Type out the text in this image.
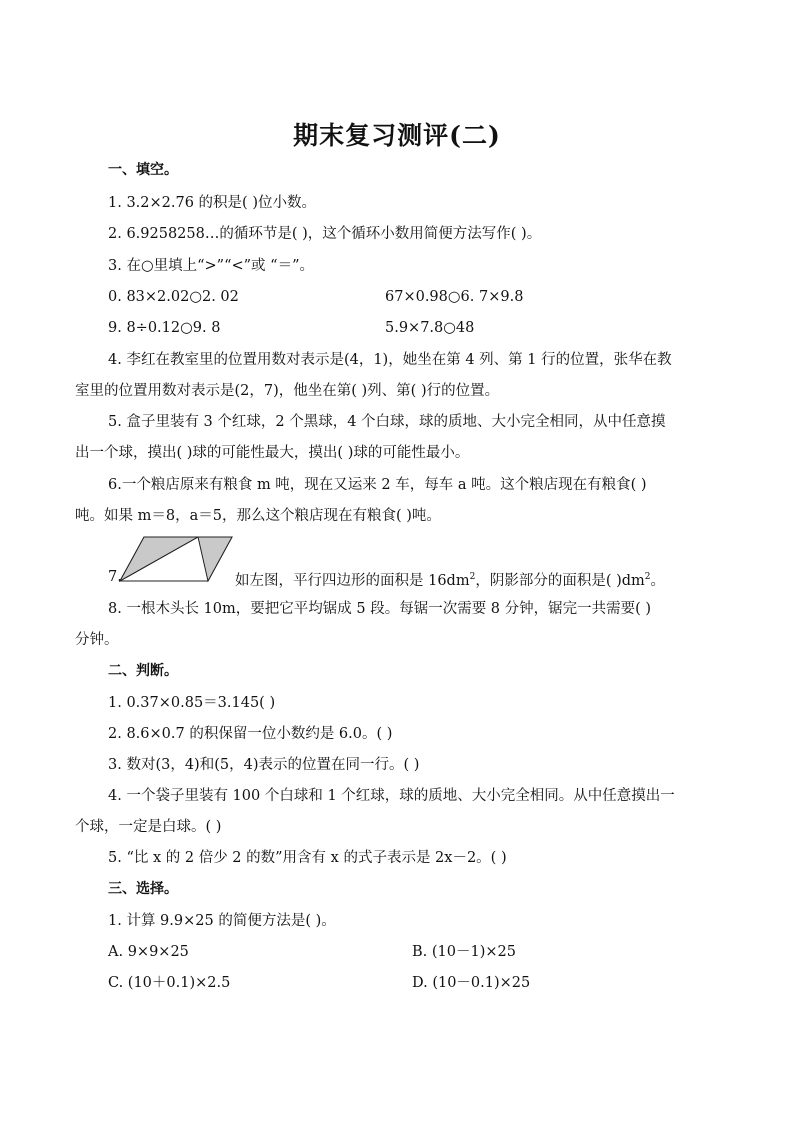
期末复习测评(二)
一、填空。
1. 3.2×2.76 的积是( )位小数。
2. 6.9258258…的循环节是( )，这个循环小数用简便方法写作( )。
3. 在○里填上“>”“<”或 “＝”。
0. 83×2.02○2. 02	67×0.98○6. 7×9.8
9. 8÷0.12○9. 8	5.9×7.8○48
4. 李红在教室里的位置用数对表示是(4，1)，她坐在第 4 列、第 1 行的位置，张华在教
室里的位置用数对表示是(2，7)，他坐在第( )列、第( )行的位置。
5. 盒子里装有 3 个红球，2 个黑球，4 个白球，球的质地、大小完全相同，从中任意摸
出一个球，摸出( )球的可能性最大，摸出( )球的可能性最小。
6.一个粮店原来有粮食 m 吨，现在又运来 2 车，每车 a 吨。这个粮店现在有粮食( )
吨。如果 m＝8，a＝5，那么这个粮店现在有粮食( )吨。
7.	如左图，平行四边形的面积是 $16dm^2$，阴影部分的面积是( )$dm^2$。
8. 一根木头长 10m，要把它平均锯成 5 段。每锯一次需要 8 分钟，锯完一共需要( )
分钟。
二、判断。
1. 0.37×0.85＝3.145( )
2. 8.6×0.7 的积保留一位小数约是 6.0。( )
3. 数对(3，4)和(5，4)表示的位置在同一行。( )
4. 一个袋子里装有 100 个白球和 1 个红球，球的质地、大小完全相同。从中任意摸出一
个球，一定是白球。( )
5. “比 x 的 2 倍少 2 的数”用含有 x 的式子表示是 2x－2。( )
三、选择。
1. 计算 9.9×25 的简便方法是( )。
A. 9×9×25	B. (10－1)×25
C. (10＋0.1)×2.5	D. (10－0.1)×25
